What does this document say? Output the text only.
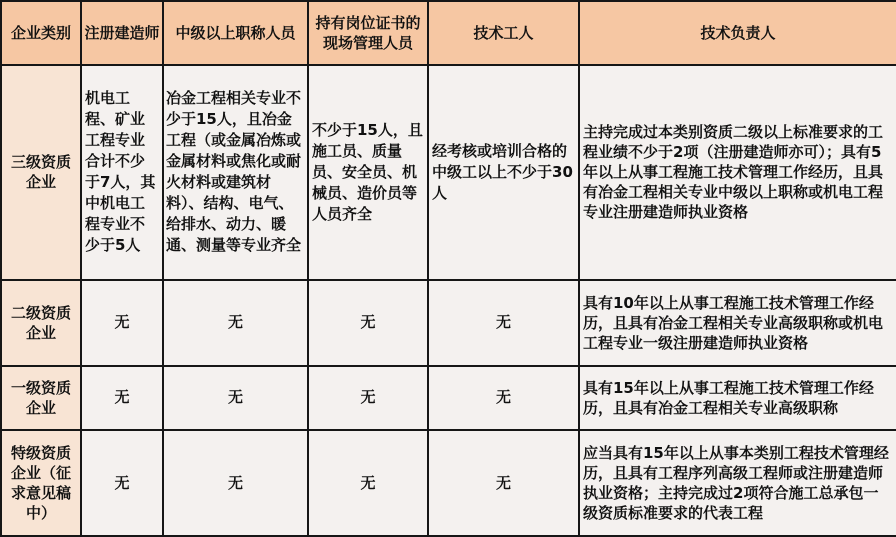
企业类别	注册建造师	中级以上职称人员	持有岗位证书的现场管理人员	技术工人	技术负责人
三级资质企业	机电工程、矿业工程专业合计不少于7人，其中机电工程专业不少于5人	冶金工程相关专业不少于15人，且冶金工程（或金属冶炼或金属材料或焦化或耐火材料或建筑材料）、结构、电气、给排水、动力、暖通、测量等专业齐全	不少于15人，且施工员、质量员、安全员、机械员、造价员等人员齐全	经考核或培训合格的中级工以上不少于30人	主持完成过本类别资质二级以上标准要求的工程业绩不少于2项（注册建造师亦可）；具有5年以上从事工程施工技术管理工作经历，且具有冶金工程相关专业中级以上职称或机电工程专业注册建造师执业资格
二级资质企业	无	无	无	无	具有10年以上从事工程施工技术管理工作经历，且具有冶金工程相关专业高级职称或机电工程专业一级注册建造师执业资格
一级资质企业	无	无	无	无	具有15年以上从事工程施工技术管理工作经历，且具有冶金工程相关专业高级职称
特级资质企业（征求意见稿中）	无	无	无	无	应当具有15年以上从事本类别工程技术管理经历，且具有工程序列高级工程师或注册建造师执业资格；主持完成过2项符合施工总承包一级资质标准要求的代表工程
